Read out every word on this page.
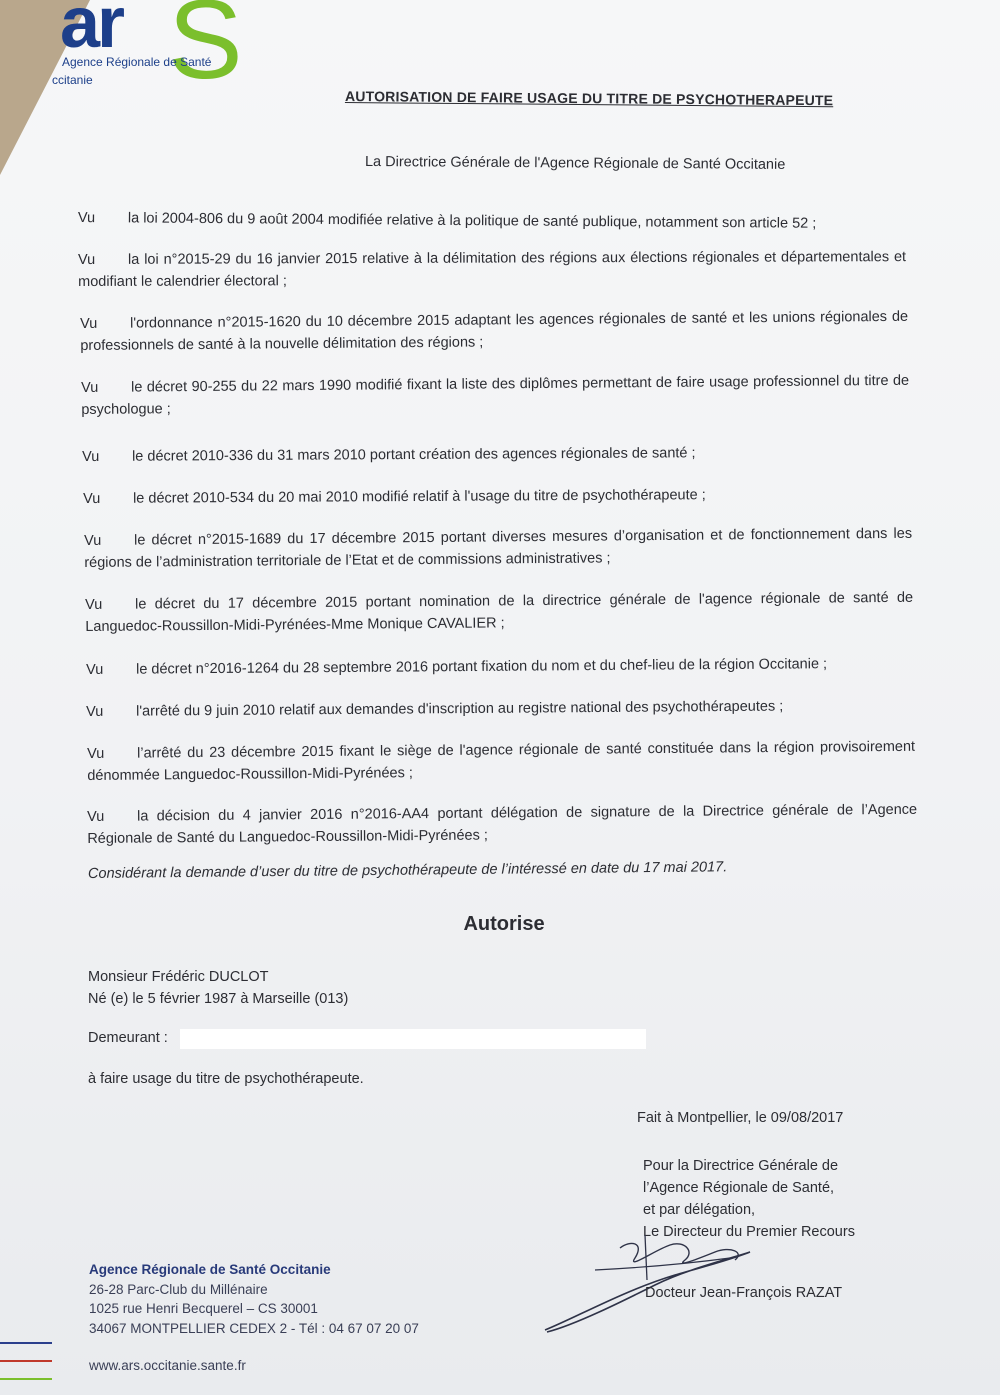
ar S
Agence Régionale de Santé
ccitanie
AUTORISATION DE FAIRE USAGE DU TITRE DE PSYCHOTHERAPEUTE
La Directrice Générale de l'Agence Régionale de Santé Occitanie
Vu la loi 2004-806 du 9 août 2004 modifiée relative à la politique de santé publique, notamment son article 52 ;
Vu la loi n°2015-29 du 16 janvier 2015 relative à la délimitation des régions aux élections régionales et départementales et modifiant le calendrier électoral ;
Vu l'ordonnance n°2015-1620 du 10 décembre 2015 adaptant les agences régionales de santé et les unions régionales de professionnels de santé à la nouvelle délimitation des régions ;
Vu le décret 90-255 du 22 mars 1990 modifié fixant la liste des diplômes permettant de faire usage professionnel du titre de psychologue ;
Vu le décret 2010-336 du 31 mars 2010 portant création des agences régionales de santé ;
Vu le décret 2010-534 du 20 mai 2010 modifié relatif à l'usage du titre de psychothérapeute ;
Vu le décret n°2015-1689 du 17 décembre 2015 portant diverses mesures d’organisation et de fonctionnement dans les régions de l’administration territoriale de l’Etat et de commissions administratives ;
Vu le décret du 17 décembre 2015 portant nomination de la directrice générale de l'agence régionale de santé de Languedoc-Roussillon-Midi-Pyrénées-Mme Monique CAVALIER ;
Vu le décret n°2016-1264 du 28 septembre 2016 portant fixation du nom et du chef-lieu de la région Occitanie ;
Vu l'arrêté du 9 juin 2010 relatif aux demandes d'inscription au registre national des psychothérapeutes ;
Vu l’arrêté du 23 décembre 2015 fixant le siège de l'agence régionale de santé constituée dans la région provisoirement dénommée Languedoc-Roussillon-Midi-Pyrénées ;
Vu la décision du 4 janvier 2016 n°2016-AA4 portant délégation de signature de la Directrice générale de l’Agence Régionale de Santé du Languedoc-Roussillon-Midi-Pyrénées ;
Considérant la demande d’user du titre de psychothérapeute de l’intéressé en date du 17 mai 2017.
Autorise
Monsieur Frédéric DUCLOT
Né (e) le 5 février 1987 à Marseille (013)
Demeurant :
à faire usage du titre de psychothérapeute.
Fait à Montpellier, le 09/08/2017
Pour la Directrice Générale de
l’Agence Régionale de Santé,
et par délégation,
Le Directeur du Premier Recours
Docteur Jean-François RAZAT
Agence Régionale de Santé Occitanie
26-28 Parc-Club du Millénaire
1025 rue Henri Becquerel – CS 30001
34067 MONTPELLIER CEDEX 2 - Tél : 04 67 07 20 07
www.ars.occitanie.sante.fr
